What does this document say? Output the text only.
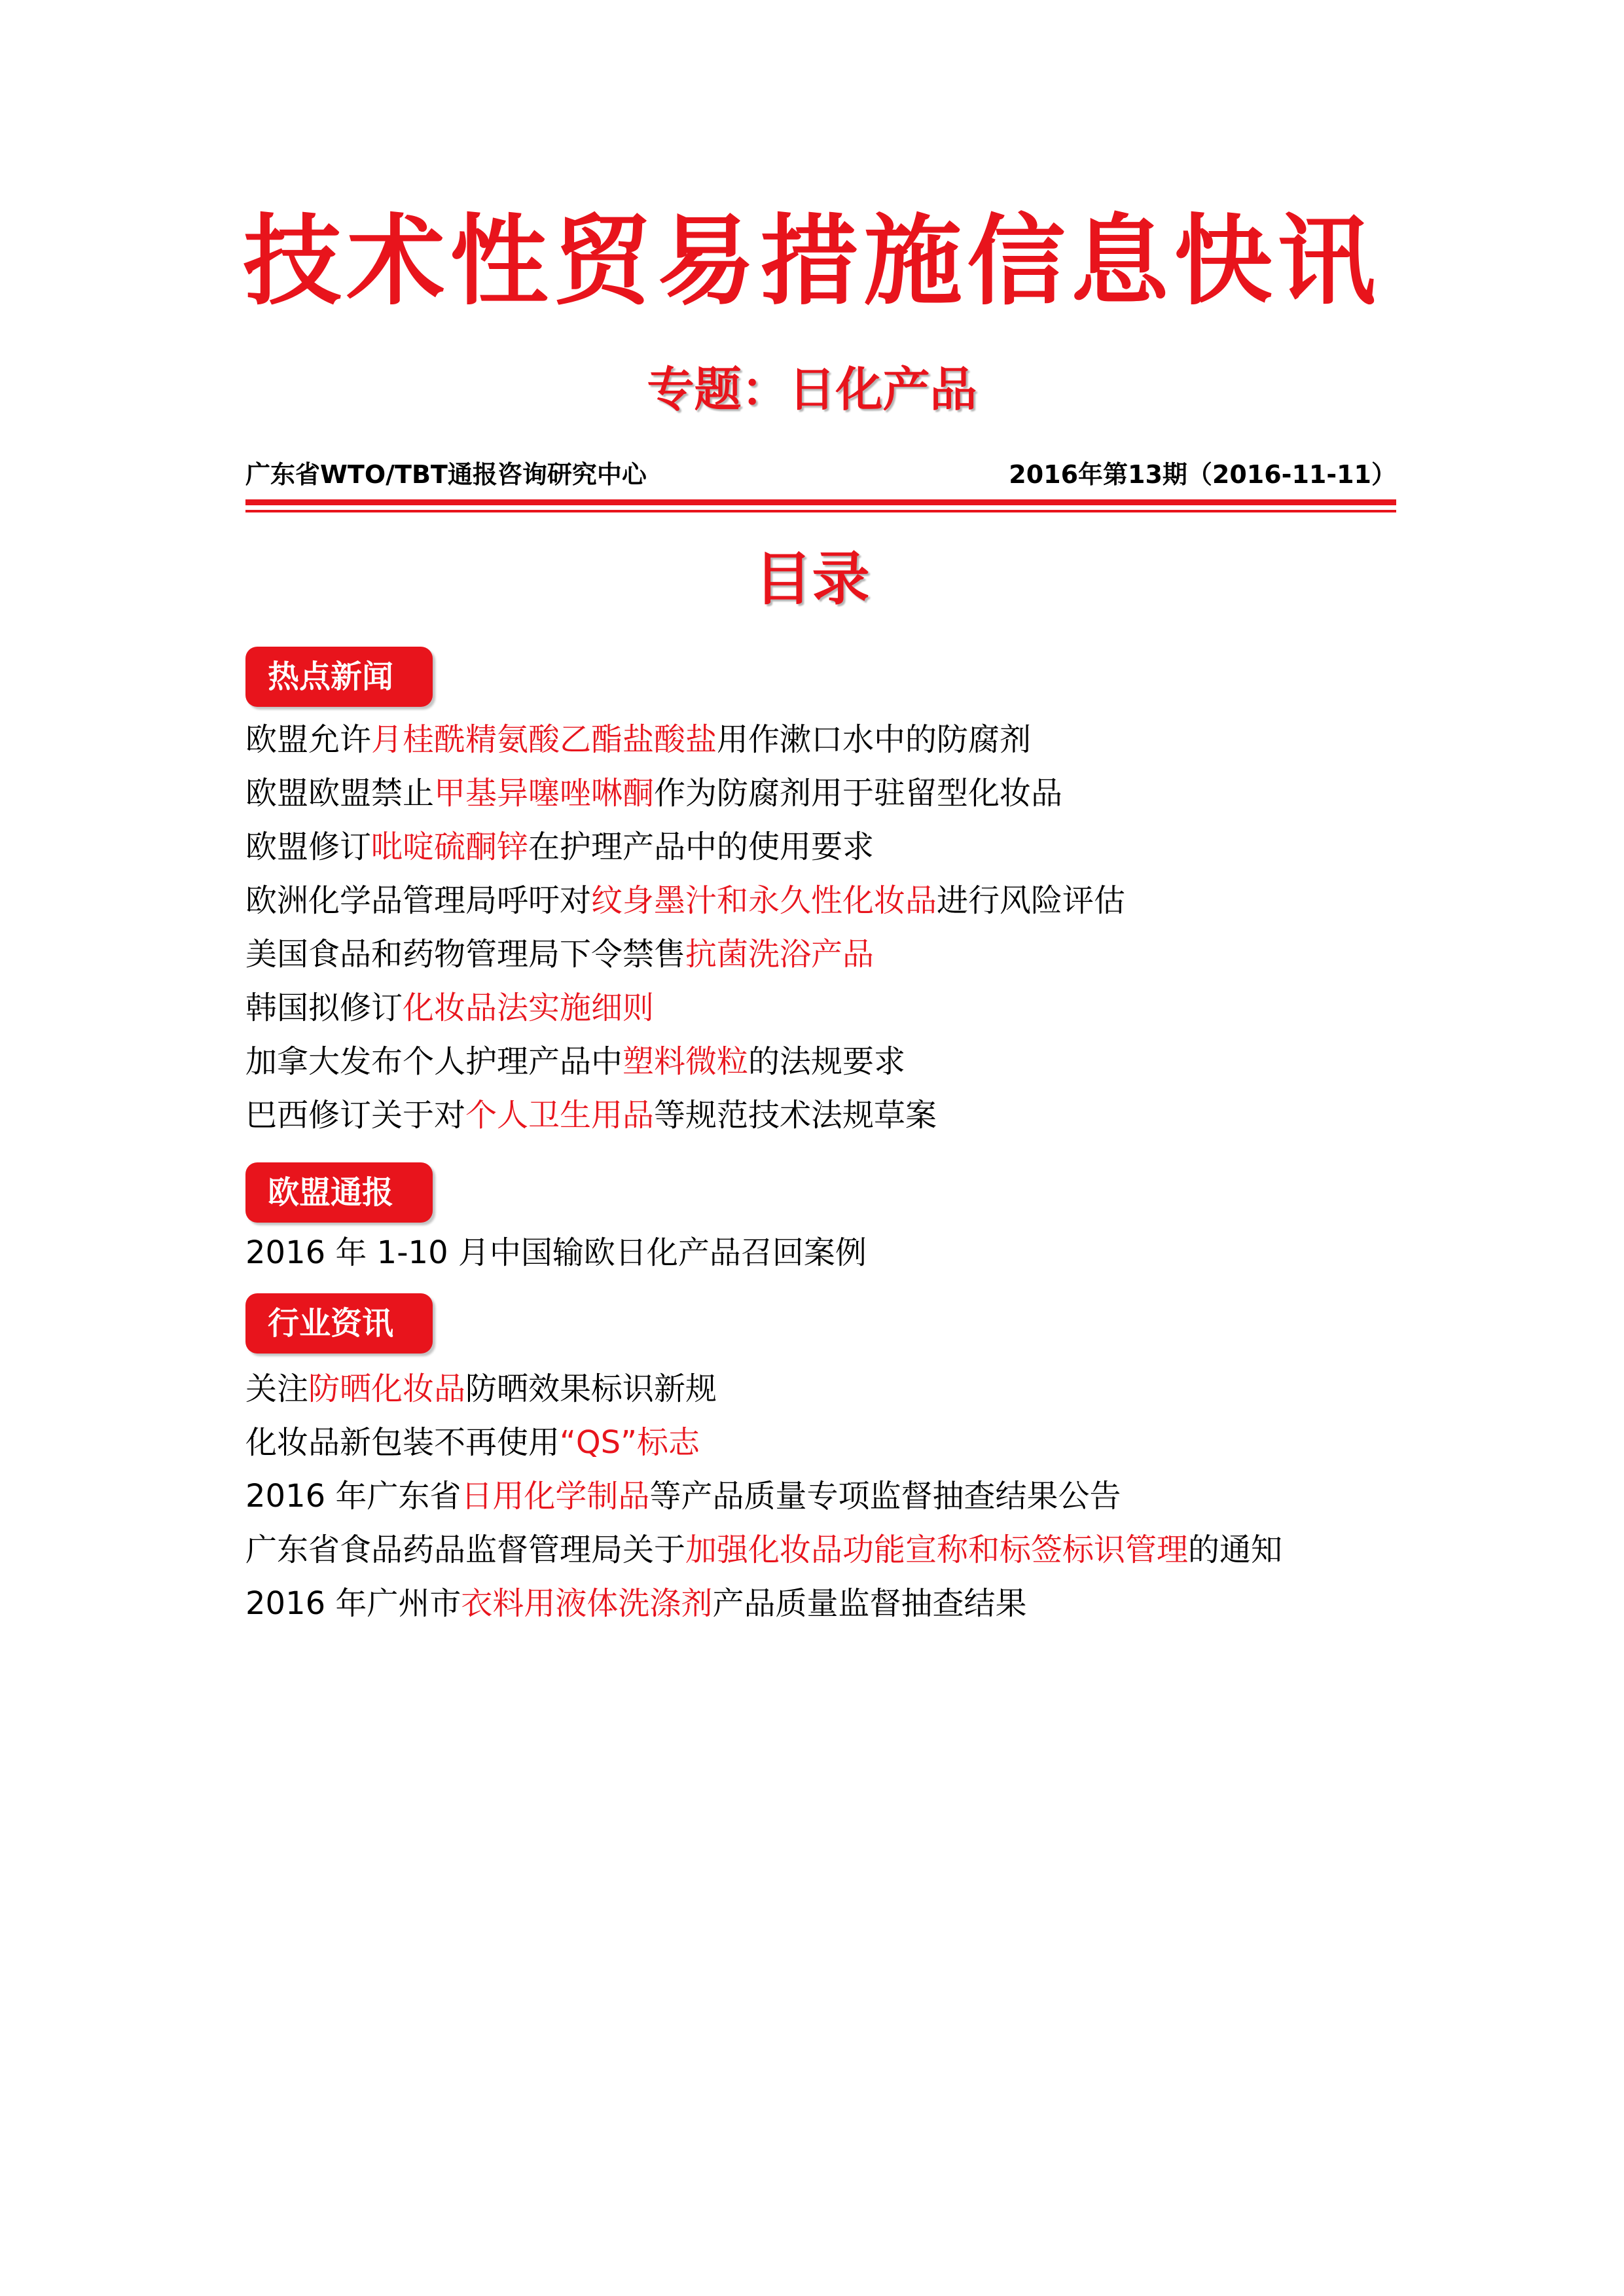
技术性贸易措施信息快讯
专题：日化产品
广东省WTO/TBT通报咨询研究中心	2016年第13期（2016-11-11）
目录
热点新闻
欧盟允许月桂酰精氨酸乙酯盐酸盐用作漱口水中的防腐剂
欧盟欧盟禁止甲基异噻唑啉酮作为防腐剂用于驻留型化妆品
欧盟修订吡啶硫酮锌在护理产品中的使用要求
欧洲化学品管理局呼吁对纹身墨汁和永久性化妆品进行风险评估
美国食品和药物管理局下令禁售抗菌洗浴产品
韩国拟修订化妆品法实施细则
加拿大发布个人护理产品中塑料微粒的法规要求
巴西修订关于对个人卫生用品等规范技术法规草案
欧盟通报
2016 年 1-10 月中国输欧日化产品召回案例
行业资讯
关注防晒化妆品防晒效果标识新规
化妆品新包装不再使用“QS”标志
2016 年广东省日用化学制品等产品质量专项监督抽查结果公告
广东省食品药品监督管理局关于加强化妆品功能宣称和标签标识管理的通知
2016 年广州市衣料用液体洗涤剂产品质量监督抽查结果
